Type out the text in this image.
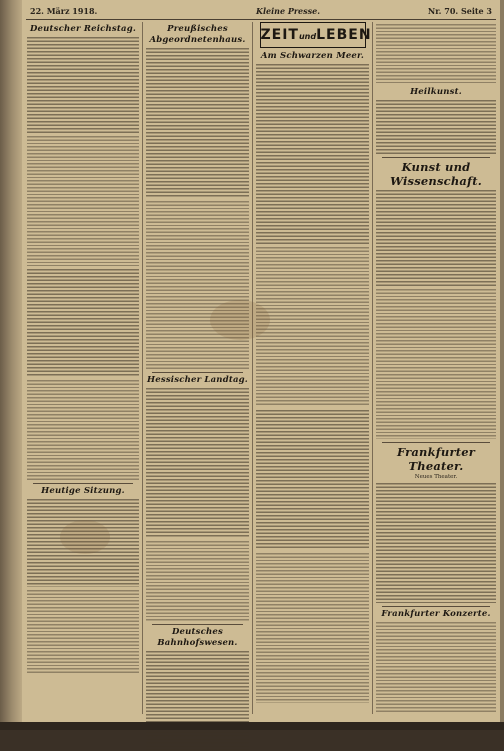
22. März 1918.	Kleine Presse.	Nr. 70. Seite 3
Deutscher Reichstag.
Heutige Sitzung.
Preußisches Abgeordnetenhaus.
Hessischer Landtag.
Deutsches Bahnhofswesen.
ZEITundLEBEN
Am Schwarzen Meer.
Heilkunst.
Kunst und Wissenschaft.
Frankfurter Theater.
Neues Theater.
Frankfurter Konzerte.
